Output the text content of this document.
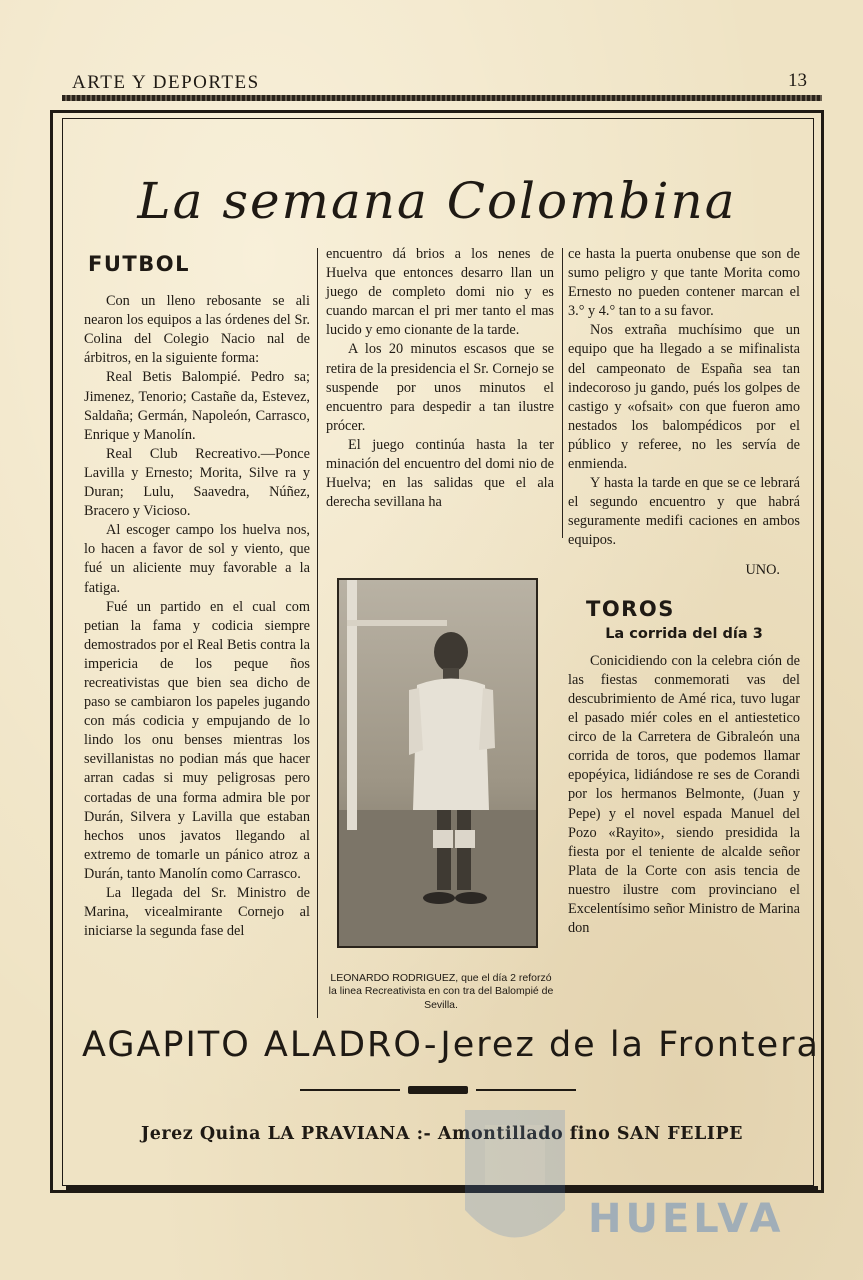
ARTE Y DEPORTES	13
La semana Colombina
FUTBOL

Con un lleno rebosante se ali nearon los equipos a las órdenes del Sr. Colina del Colegio Nacio nal de árbitros, en la siguiente forma:

Real Betis Balompié. Pedro sa; Jimenez, Tenorio; Castañe da, Estevez, Saldaña; Germán, Napoleón, Carrasco, Enrique y Manolín.

Real Club Recreativo.—Ponce Lavilla y Ernesto; Morita, Silve ra y Duran; Lulu, Saavedra, Núñez, Bracero y Vicioso.

Al escoger campo los huelva nos, lo hacen a favor de sol y viento, que fué un aliciente muy favorable a la fatiga.

Fué un partido en el cual com petian la fama y codicia siempre demostrados por el Real Betis contra la impericia de los peque ños recreativistas que bien sea dicho de paso se cambiaron los papeles jugando con más codicia y empujando de lo lindo los onu benses mientras los sevillanistas no podian más que hacer arran cadas si muy peligrosas pero cortadas de una forma admira ble por Durán, Silvera y Lavilla que estaban hechos unos javatos llegando al extremo de tomarle un pánico atroz a Durán, tanto Manolín como Carrasco.

La llegada del Sr. Ministro de Marina, vicealmirante Cornejo al iniciarse la segunda fase del

encuentro dá brios a los nenes de Huelva que entonces desarro llan un juego de completo domi nio y es cuando marcan el pri mer tanto el mas lucido y emo cionante de la tarde.

A los 20 minutos escasos que se retira de la presidencia el Sr. Cornejo se suspende por unos minutos el encuentro para despedir a tan ilustre prócer.

El juego continúa hasta la ter minación del encuentro del domi nio de Huelva; en las salidas que el ala derecha sevillana ha

LEONARDO RODRIGUEZ, que el día 2 reforzó la linea Recreativista en con tra del Balompié de Sevilla.

ce hasta la puerta onubense que son de sumo peligro y que tante Morita como Ernesto no pueden contener marcan el 3.° y 4.° tan to a su favor.

Nos extraña muchísimo que un equipo que ha llegado a se mifinalista del campeonato de España sea tan indecoroso ju gando, pués los golpes de castigo y «ofsait» con que fueron amo nestados los balompédicos por el público y referee, no les servía de enmienda.

Y hasta la tarde en que se ce lebrará el segundo encuentro y que habrá seguramente medifi caciones en ambos equipos.

UNO.
TOROS
La corrida del día 3

Conicidiendo con la celebra ción de las fiestas conmemorati vas del descubrimiento de Amé rica, tuvo lugar el pasado miér coles en el antiestetico circo de la Carretera de Gibraleón una corrida de toros, que podemos llamar epopéyica, lidiándose re ses de Corandi por los hermanos Belmonte, (Juan y Pepe) y el novel espada Manuel del Pozo «Rayito», siendo presidida la fiesta por el teniente de alcalde señor Plata de la Corte con asis tencia de nuestro ilustre com provinciano el Excelentísimo señor Ministro de Marina don

AGAPITO ALADRO-Jerez de la Frontera
Jerez Quina LA PRAVIANA :- Amontillado fino SAN FELIPE
HUELVA
